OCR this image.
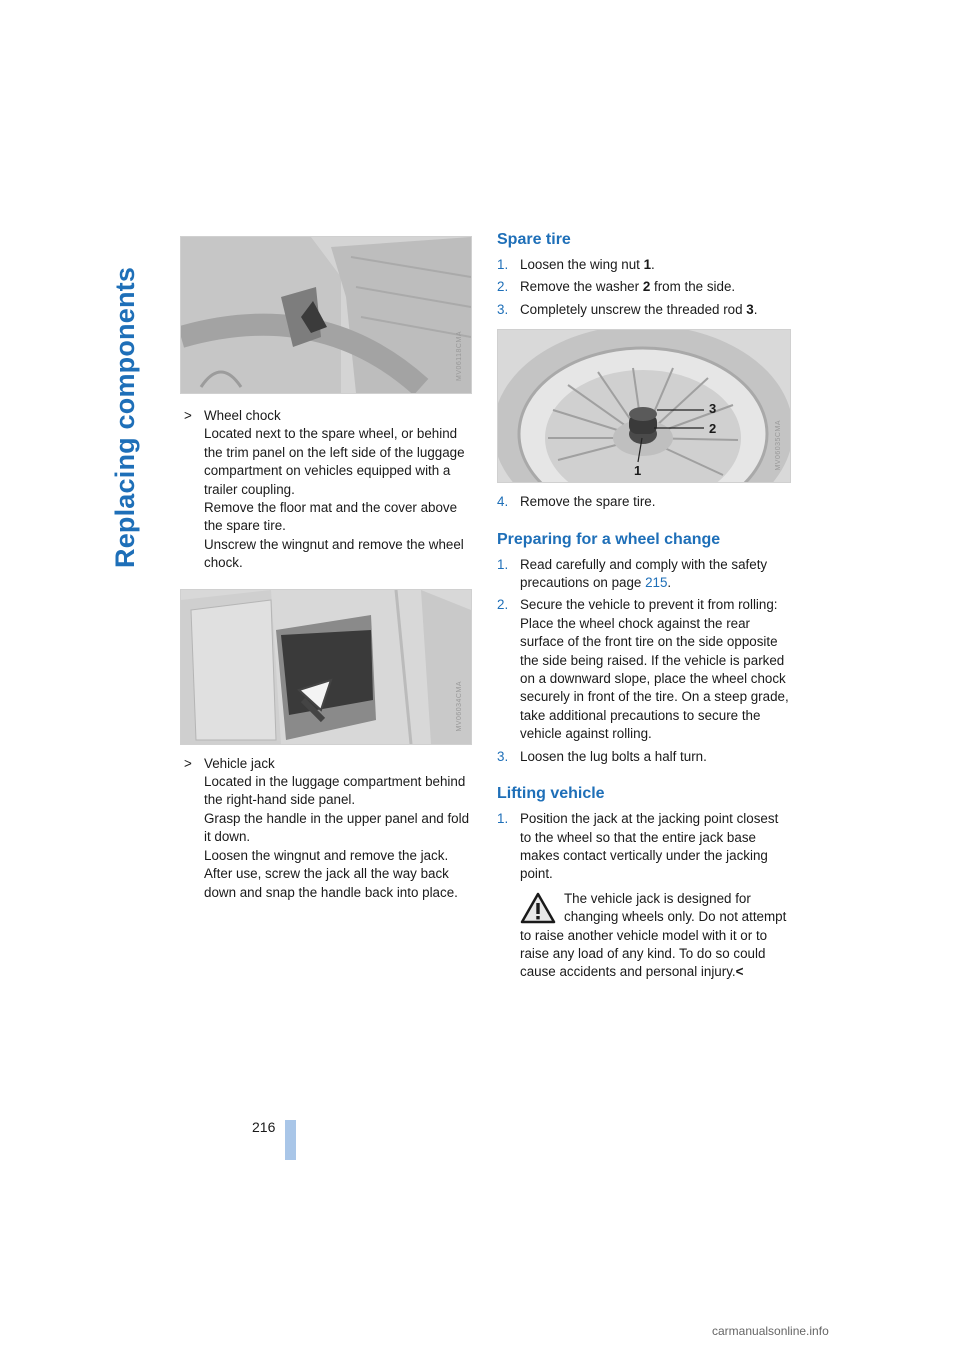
Replacing components	MV06118CMA
> Wheel chock

Located next to the spare wheel, or behind the trim panel on the left side of the luggage compartment on vehicles equipped with a trailer coupling.

Remove the floor mat and the cover above the spare tire.

Unscrew the wingnut and remove the wheel chock.

MV06034CMA
> Vehicle jack

Located in the luggage compartment behind the right-hand side panel.

Grasp the handle in the upper panel and fold it down.

Loosen the wingnut and remove the jack.

After use, screw the jack all the way back down and snap the handle back into place.

Spare tire
1. Loosen the wing nut 1.
2. Remove the washer 2 from the side.
3. Completely unscrew the threaded rod 3.
3
2
1
MV06035CMA
4. Remove the spare tire.
Preparing for a wheel change
1. Read carefully and comply with the safety precautions on page 215.
2. Secure the vehicle to prevent it from rolling: Place the wheel chock against the rear surface of the front tire on the side opposite the side being raised. If the vehicle is parked on a downward slope, place the wheel chock securely in front of the tire. On a steep grade, take additional precautions to secure the vehicle against rolling.
3. Loosen the lug bolts a half turn.
Lifting vehicle
1. Position the jack at the jacking point closest to the wheel so that the entire jack base makes contact vertically under the jacking point.
The vehicle jack is designed for changing wheels only. Do not attempt to raise another vehicle model with it or to raise any load of any kind. To do so could cause accidents and personal injury.<
216
carmanualsonline.info
